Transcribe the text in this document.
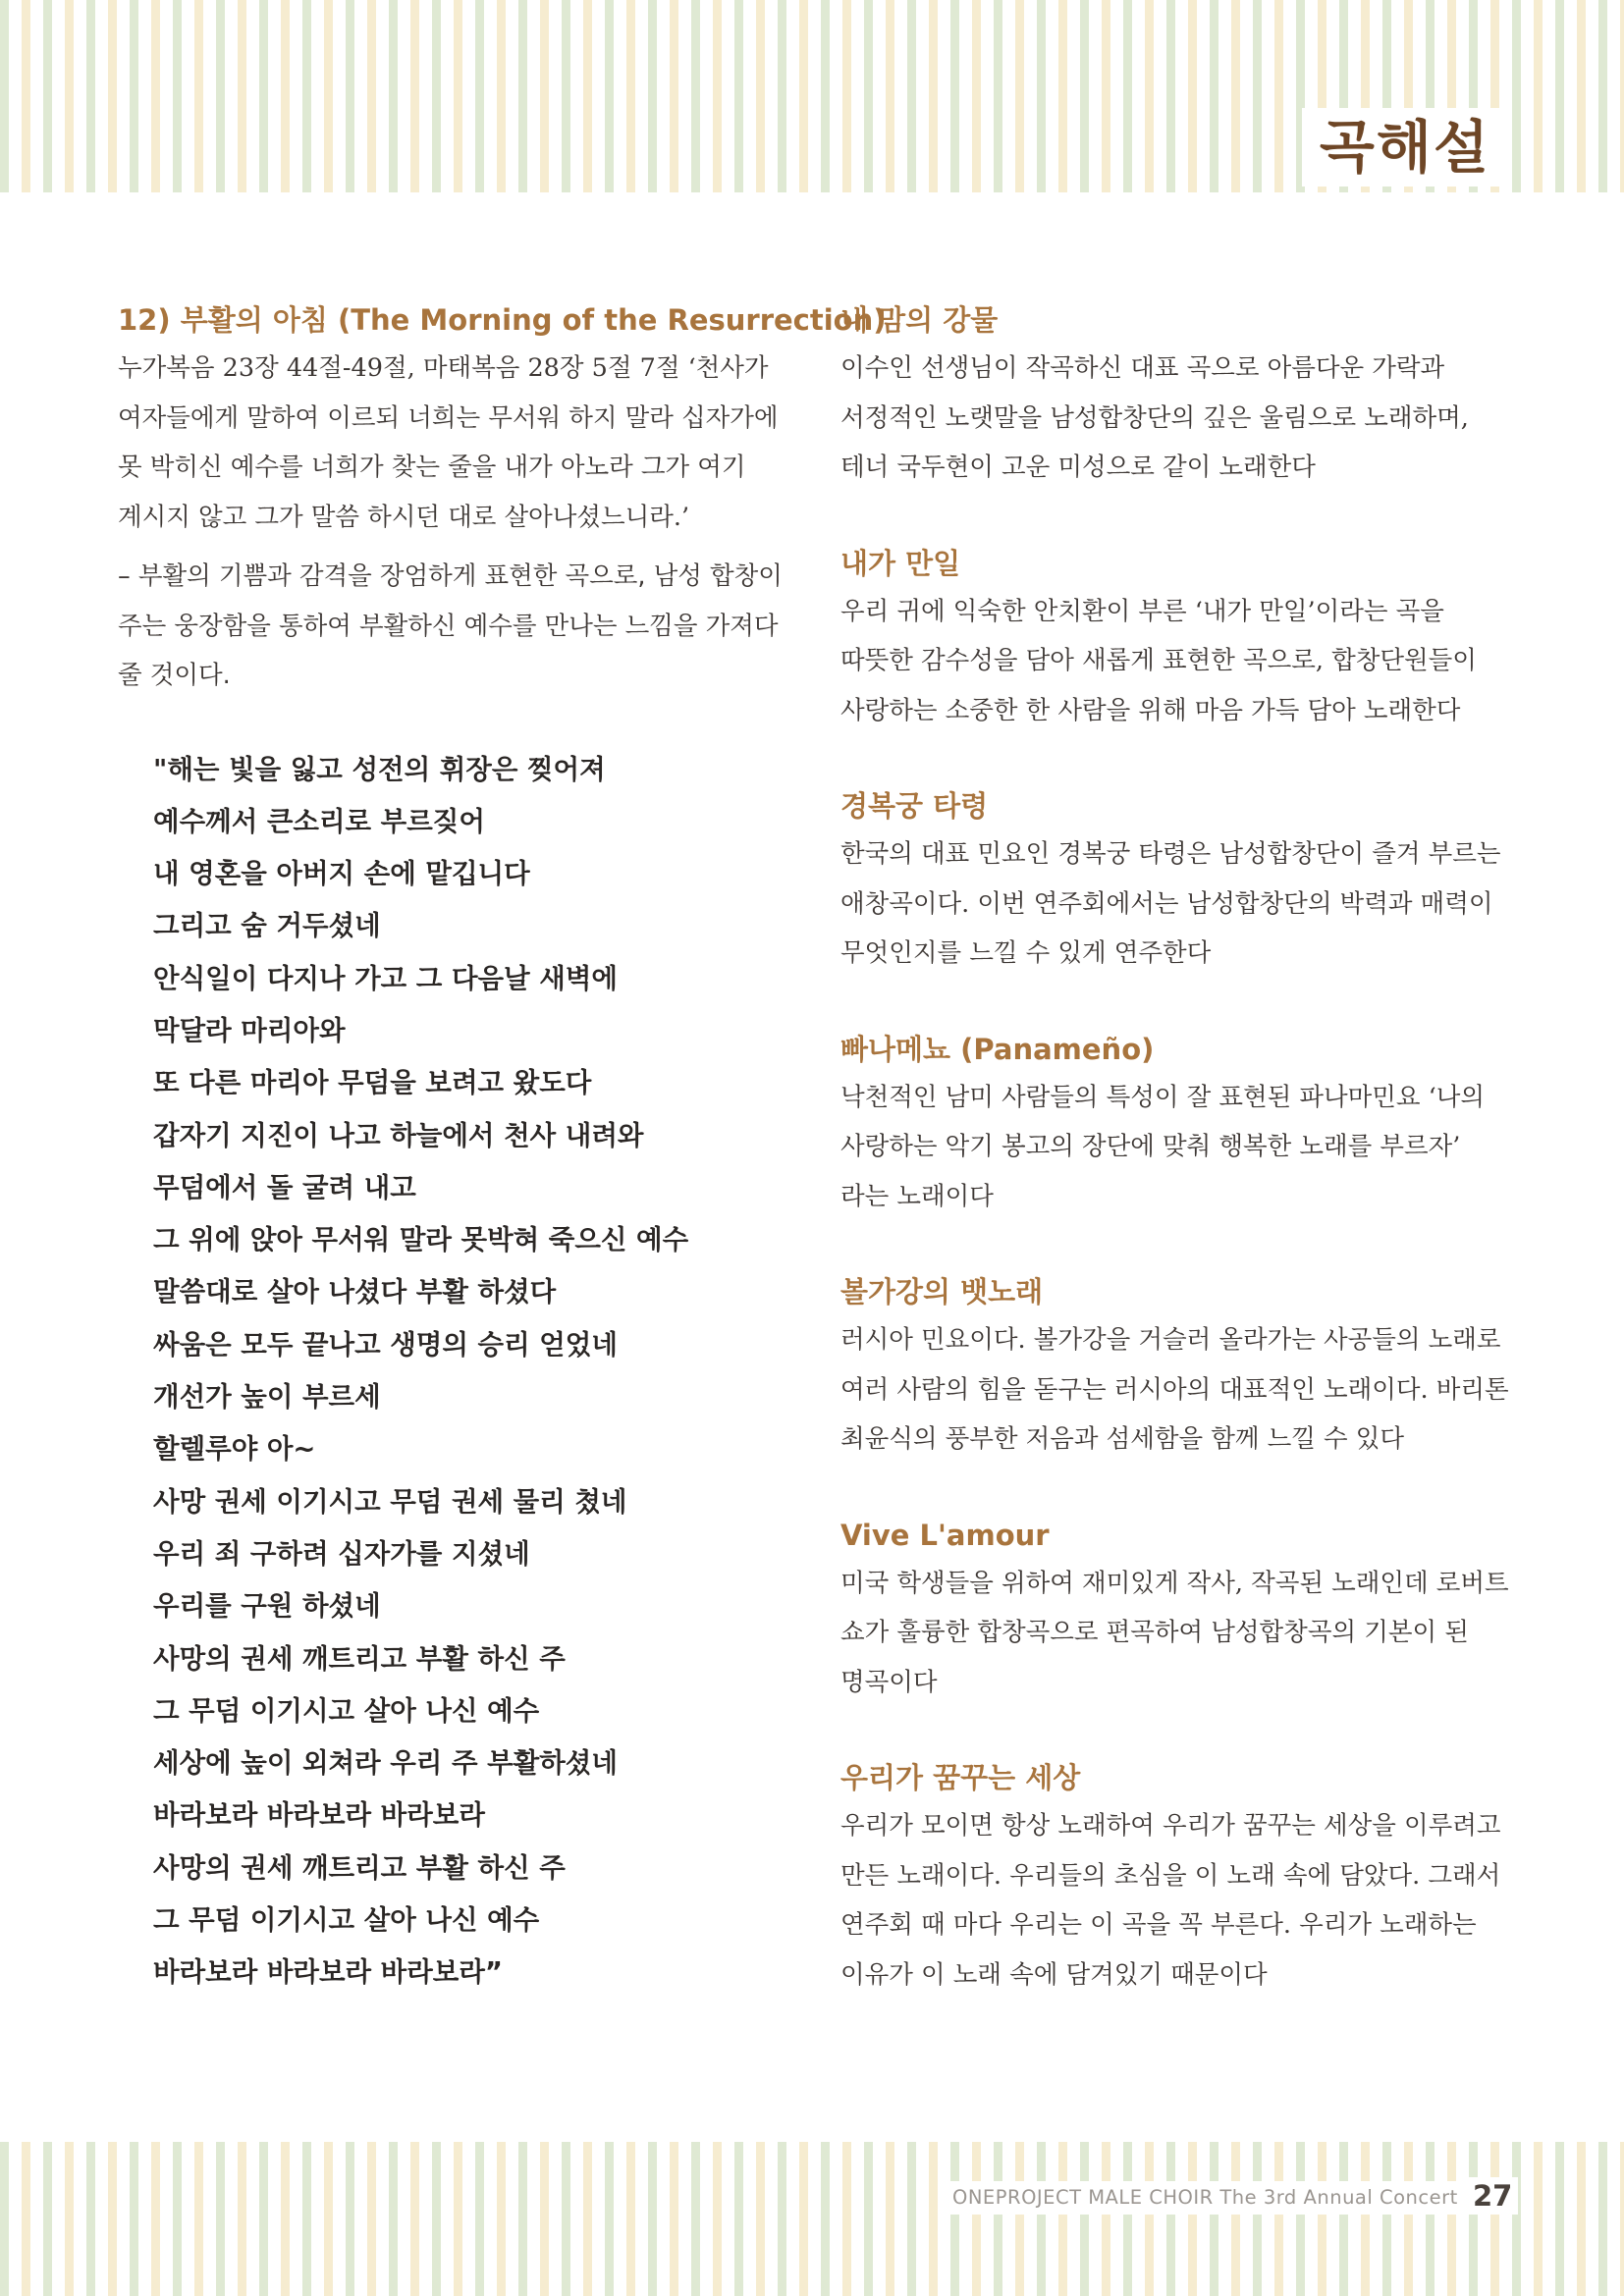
곡해설
12) 부활의 아침 (The Morning of the Resurrection)
누가복음 23장 44절-49절, 마태복음 28장 5절 7절 ‘천사가
여자들에게 말하여 이르되 너희는 무서워 하지 말라 십자가에
못 박히신 예수를 너희가 찾는 줄을 내가 아노라 그가 여기
계시지 않고 그가 말씀 하시던 대로 살아나셨느니라.’
– 부활의 기쁨과 감격을 장엄하게 표현한 곡으로, 남성 합창이
주는 웅장함을 통하여 부활하신 예수를 만나는 느낌을 가져다
줄 것이다.
"해는 빛을 잃고 성전의 휘장은 찢어져
예수께서 큰소리로 부르짖어
내 영혼을 아버지 손에 맡깁니다
그리고 숨 거두셨네
안식일이 다지나 가고 그 다음날 새벽에
막달라 마리아와
또 다른 마리아 무덤을 보려고 왔도다
갑자기 지진이 나고 하늘에서 천사 내려와
무덤에서 돌 굴려 내고
그 위에 앉아 무서워 말라 못박혀 죽으신 예수
말씀대로 살아 나셨다 부활 하셨다
싸움은 모두 끝나고 생명의 승리 얻었네
개선가 높이 부르세
할렐루야 아~
사망 권세 이기시고 무덤 권세 물리 쳤네
우리 죄 구하려 십자가를 지셨네
우리를 구원 하셨네
사망의 권세 깨트리고 부활 하신 주
그 무덤 이기시고 살아 나신 예수
세상에 높이 외쳐라 우리 주 부활하셨네
바라보라 바라보라 바라보라
사망의 권세 깨트리고 부활 하신 주
그 무덤 이기시고 살아 나신 예수
바라보라 바라보라 바라보라”
내 맘의 강물
이수인 선생님이 작곡하신 대표 곡으로 아름다운 가락과
서정적인 노랫말을 남성합창단의 깊은 울림으로 노래하며,
테너 국두현이 고운 미성으로 같이 노래한다
내가 만일
우리 귀에 익숙한 안치환이 부른 ‘내가 만일’이라는 곡을
따뜻한 감수성을 담아 새롭게 표현한 곡으로, 합창단원들이
사랑하는 소중한 한 사람을 위해 마음 가득 담아 노래한다
경복궁 타령
한국의 대표 민요인 경복궁 타령은 남성합창단이 즐겨 부르는
애창곡이다. 이번 연주회에서는 남성합창단의 박력과 매력이
무엇인지를 느낄 수 있게 연주한다
빠나메뇨 (Panameño)
낙천적인 남미 사람들의 특성이 잘 표현된 파나마민요 ‘나의
사랑하는 악기 봉고의 장단에 맞춰 행복한 노래를 부르자’
라는 노래이다
볼가강의 뱃노래
러시아 민요이다. 볼가강을 거슬러 올라가는 사공들의 노래로
여러 사람의 힘을 돋구는 러시아의 대표적인 노래이다. 바리톤
최윤식의 풍부한 저음과 섬세함을 함께 느낄 수 있다
Vive L'amour
미국 학생들을 위하여 재미있게 작사, 작곡된 노래인데 로버트
쇼가 훌륭한 합창곡으로 편곡하여 남성합창곡의 기본이 된
명곡이다
우리가 꿈꾸는 세상
우리가 모이면 항상 노래하여 우리가 꿈꾸는 세상을 이루려고
만든 노래이다. 우리들의 초심을 이 노래 속에 담았다. 그래서
연주회 때 마다 우리는 이 곡을 꼭 부른다. 우리가 노래하는
이유가 이 노래 속에 담겨있기 때문이다
ONEPROJECT MALE CHOIR The 3rd Annual Concert 27
